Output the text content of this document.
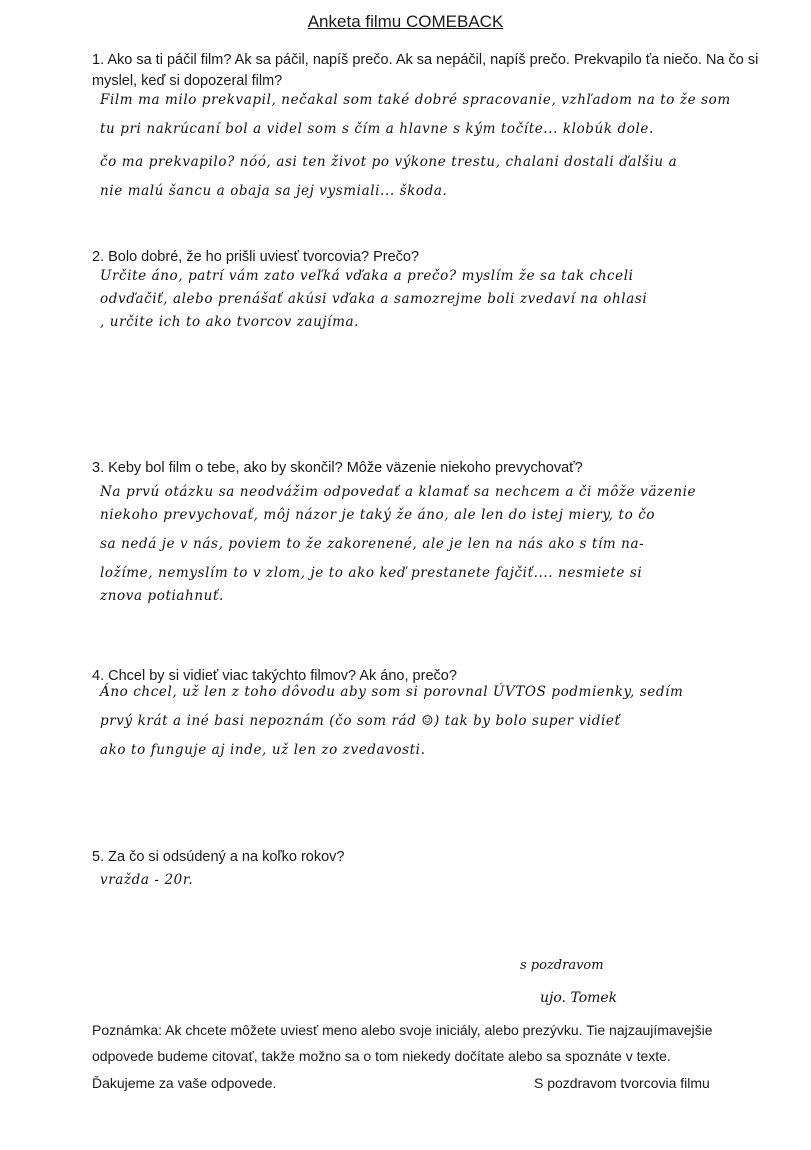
Anketa filmu COMEBACK
1. Ako sa ti páčil film? Ak sa páčil, napíš prečo. Ak sa nepáčil, napíš prečo. Prekvapilo ťa niečo. Na čo si myslel, keď si dopozeral film?
Film ma milo prekvapil, nečakal som také dobré spracovanie, vzhľadom na to že som
tu pri nakrúcaní bol a videl som s čím a hlavne s kým točíte... klobúk dole.
čo ma prekvapilo? nóó, asi ten život po výkone trestu, chalani dostali ďalšiu a
nie malú šancu a obaja sa jej vysmiali... škoda.
2. Bolo dobré, že ho prišli uviesť tvorcovia? Prečo?
Určite áno, patrí vám zato veľká vďaka a prečo? myslím že sa tak chceli
odvďačiť, alebo prenášať akúsi vďaka a samozrejme boli zvedaví na ohlasi
, určite ich to ako tvorcov zaujíma.
3. Keby bol film o tebe, ako by skončil? Môže väzenie niekoho prevychovať?
Na prvú otázku sa neodvážim odpovedať a klamať sa nechcem a či môže väzenie
niekoho prevychovať, môj názor je taký že áno, ale len do istej miery, to čo
sa nedá je v nás, poviem to že zakorenené, ale je len na nás ako s tím na-
ložíme, nemyslím to v zlom, je to ako keď prestanete fajčiť.... nesmiete si
znova potiahnuť.
4. Chcel by si vidieť viac takýchto filmov? Ak áno, prečo?
Áno chcel, už len z toho dôvodu aby som si porovnal ÚVTOS podmienky, sedím
prvý krát a iné basi nepoznám (čo som rád ☺) tak by bolo super vidieť
ako to funguje aj inde, už len zo zvedavosti.
5. Za čo si odsúdený a na koľko rokov?
vražda - 20r.
s pozdravom
ujo. Tomek
Poznámka: Ak chcete môžete uviesť meno alebo svoje iniciály, alebo prezývku. Tie najzaujímavejšie odpovede budeme citovať, takže možno sa o tom niekedy dočítate alebo sa spoznáte v texte.
Ďakujeme za vaše odpovede.	S pozdravom tvorcovia filmu
